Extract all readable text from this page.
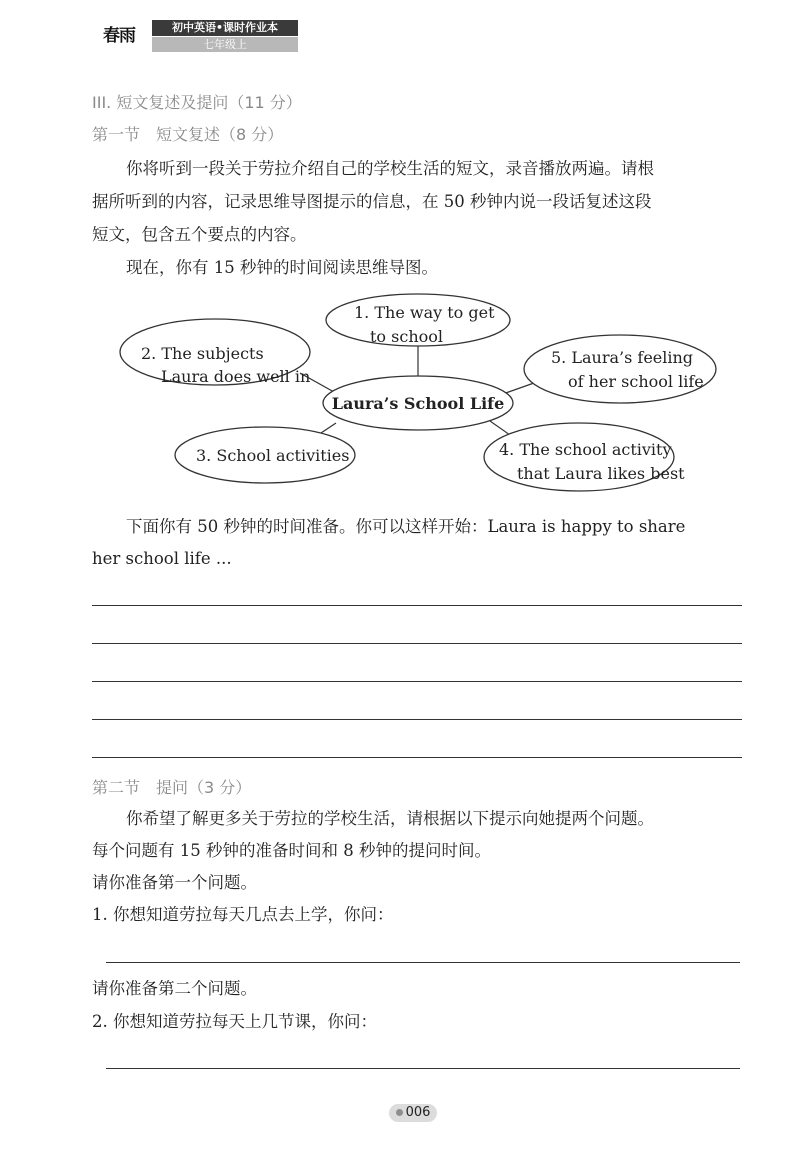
春雨	初中英语•课时作业本
七年级上
III. 短文复述及提问（11 分）
第一节　短文复述（8 分）
你将听到一段关于劳拉介绍自己的学校生活的短文，录音播放两遍。请根
据所听到的内容，记录思维导图提示的信息，在 50 秒钟内说一段话复述这段
短文，包含五个要点的内容。
现在，你有 15 秒钟的时间阅读思维导图。
1. The way to get
to school
2. The subjects
Laura does well in
3. School activities	4. The school activity
that Laura likes best
5. Laura’s feeling
of her school life
Laura’s School Life
下面你有 50 秒钟的时间准备。你可以这样开始：Laura is happy to share
her school life ...
第二节　提问（3 分）
你希望了解更多关于劳拉的学校生活，请根据以下提示向她提两个问题。
每个问题有 15 秒钟的准备时间和 8 秒钟的提问时间。
请你准备第一个问题。
1. 你想知道劳拉每天几点去上学，你问：
请你准备第二个问题。
2. 你想知道劳拉每天上几节课，你问：
006
